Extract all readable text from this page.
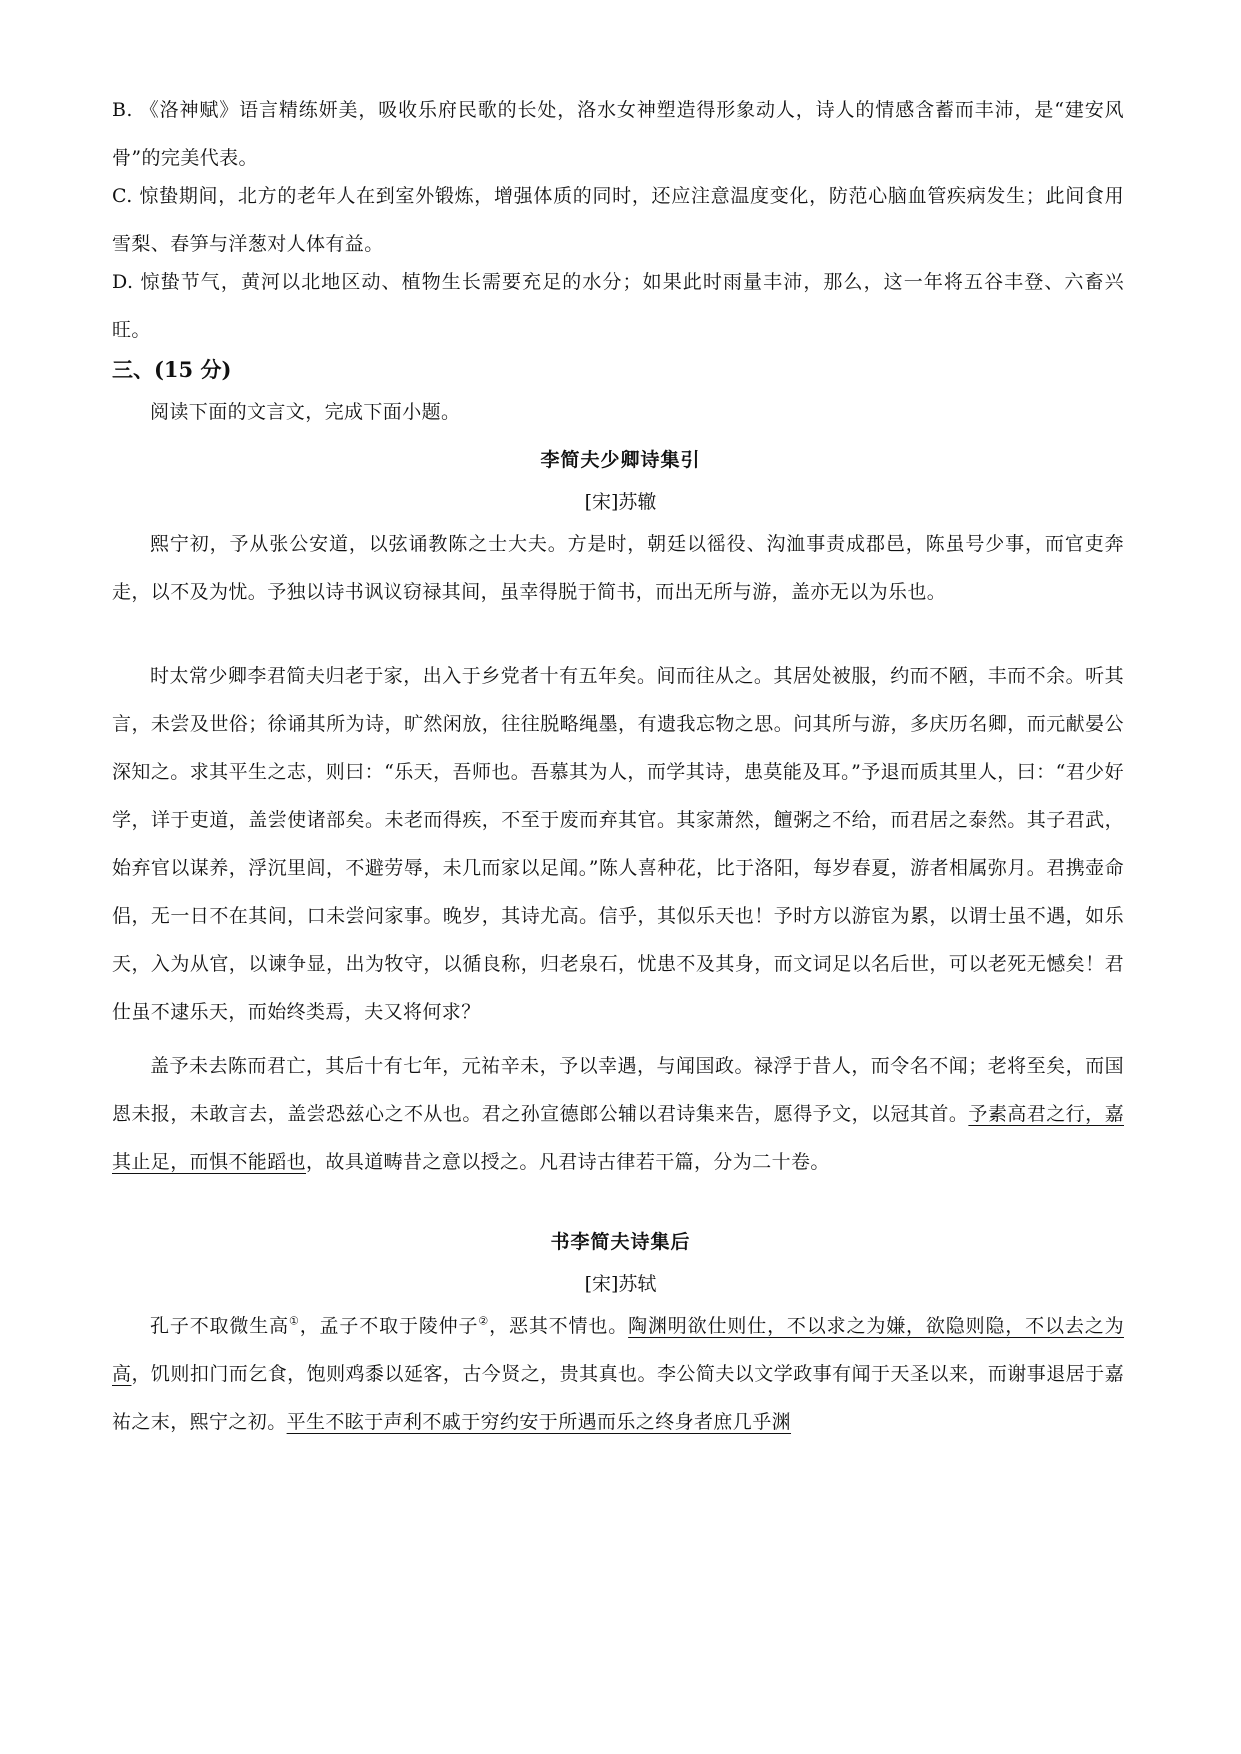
B. 《洛神赋》语言精练妍美，吸收乐府民歌的长处，洛水女神塑造得形象动人，诗人的情感含蓄而丰沛，是“建安风骨”的完美代表。

C. 惊蛰期间，北方的老年人在到室外锻炼，增强体质的同时，还应注意温度变化，防范心脑血管疾病发生；此间食用雪梨、春笋与洋葱对人体有益。

D. 惊蛰节气，黄河以北地区动、植物生长需要充足的水分；如果此时雨量丰沛，那么，这一年将五谷丰登、六畜兴旺。

三、(15 分)

阅读下面的文言文，完成下面小题。

李简夫少卿诗集引

[宋]苏辙

熙宁初，予从张公安道，以弦诵教陈之士大夫。方是时，朝廷以徭役、沟洫事责成郡邑，陈虽号少事，而官吏奔走，以不及为忧。予独以诗书讽议窃禄其间，虽幸得脱于简书，而出无所与游，盖亦无以为乐也。

时太常少卿李君简夫归老于家，出入于乡党者十有五年矣。间而往从之。其居处被服，约而不陋，丰而不余。听其言，未尝及世俗；徐诵其所为诗，旷然闲放，往往脱略绳墨，有遗我忘物之思。问其所与游，多庆历名卿，而元献晏公深知之。求其平生之志，则曰：“乐天，吾师也。吾慕其为人，而学其诗，患莫能及耳。”予退而质其里人，曰：“君少好学，详于吏道，盖尝使诸部矣。未老而得疾，不至于废而弃其官。其家萧然，饘粥之不给，而君居之泰然。其子君武，始弃官以谋养，浮沉里闾，不避劳辱，未几而家以足闻。”陈人喜种花，比于洛阳，每岁春夏，游者相属弥月。君携壶命侣，无一日不在其间，口未尝问家事。晚岁，其诗尤高。信乎，其似乐天也！予时方以游宦为累，以谓士虽不遇，如乐天，入为从官，以谏争显，出为牧守，以循良称，归老泉石，忧患不及其身，而文词足以名后世，可以老死无憾矣！君仕虽不逮乐天，而始终类焉，夫又将何求？

盖予未去陈而君亡，其后十有七年，元祐辛未，予以幸遇，与闻国政。禄浮于昔人，而令名不闻；老将至矣，而国恩未报，未敢言去，盖尝恐兹心之不从也。君之孙宣德郎公辅以君诗集来告，愿得予文，以冠其首。予素高君之行，嘉其止足，而惧不能蹈也，故具道畴昔之意以授之。凡君诗古律若干篇，分为二十卷。

书李简夫诗集后

[宋]苏轼

孔子不取微生高①，孟子不取于陵仲子②，恶其不情也。陶渊明欲仕则仕，不以求之为嫌，欲隐则隐，不以去之为高，饥则扣门而乞食，饱则鸡黍以延客，古今贤之，贵其真也。李公简夫以文学政事有闻于天圣以来，而谢事退居于嘉祐之末，熙宁之初。平生不眩于声利不戚于穷约安于所遇而乐之终身者庶几乎渊
